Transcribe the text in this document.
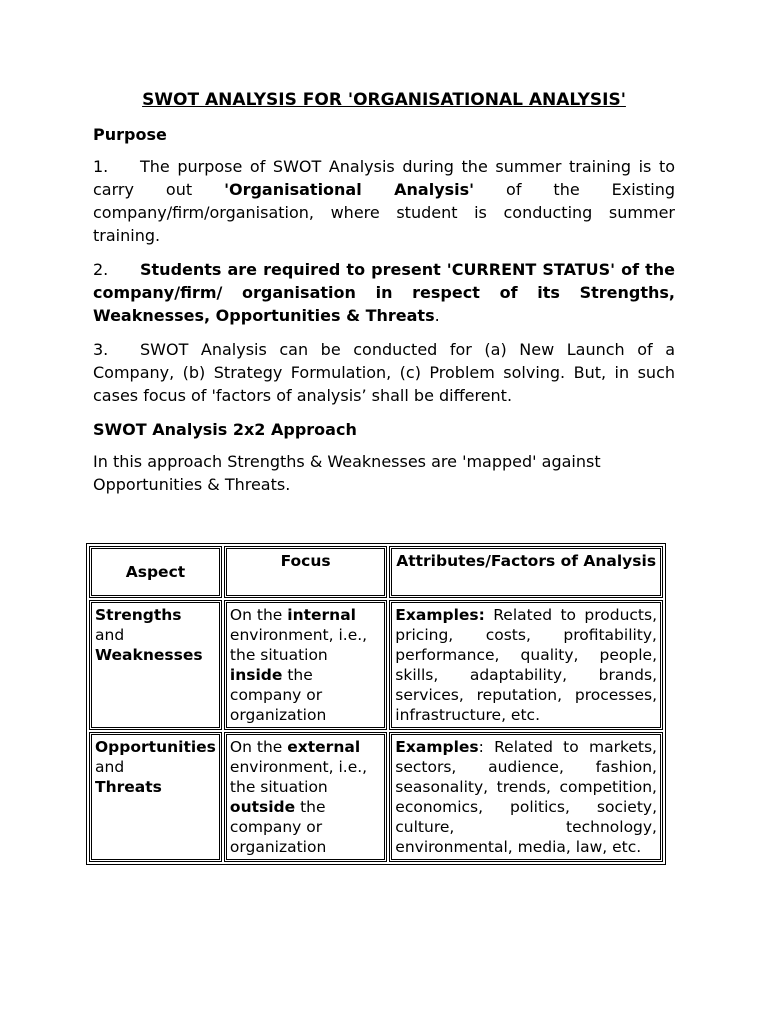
SWOT ANALYSIS FOR 'ORGANISATIONAL ANALYSIS'
Purpose
1. The purpose of SWOT Analysis during the summer training is to carry out 'Organisational Analysis' of the Existing company/firm/organisation, where student is conducting summer training.
2. Students are required to present 'CURRENT STATUS' of the company/firm/ organisation in respect of its Strengths, Weaknesses, Opportunities & Threats.
3. SWOT Analysis can be conducted for (a) New Launch of a Company, (b) Strategy Formulation, (c) Problem solving. But, in such cases focus of 'factors of analysis’ shall be different.
SWOT Analysis 2x2 Approach
In this approach Strengths & Weaknesses are 'mapped' against Opportunities & Threats.
Aspect	Focus	Attributes/Factors of Analysis
Strengths
and
Weaknesses	On the internal environment, i.e., the situation inside the company or organization	Examples: Related to products, pricing, costs, profitability, performance, quality, people, skills, adaptability, brands, services, reputation, processes, infrastructure, etc.
Opportunities and
Threats	On the external environment, i.e., the situation outside the company or organization	Examples: Related to markets, sectors, audience, fashion, seasonality, trends, competition, economics, politics, society, culture, technology, environmental, media, law, etc.
